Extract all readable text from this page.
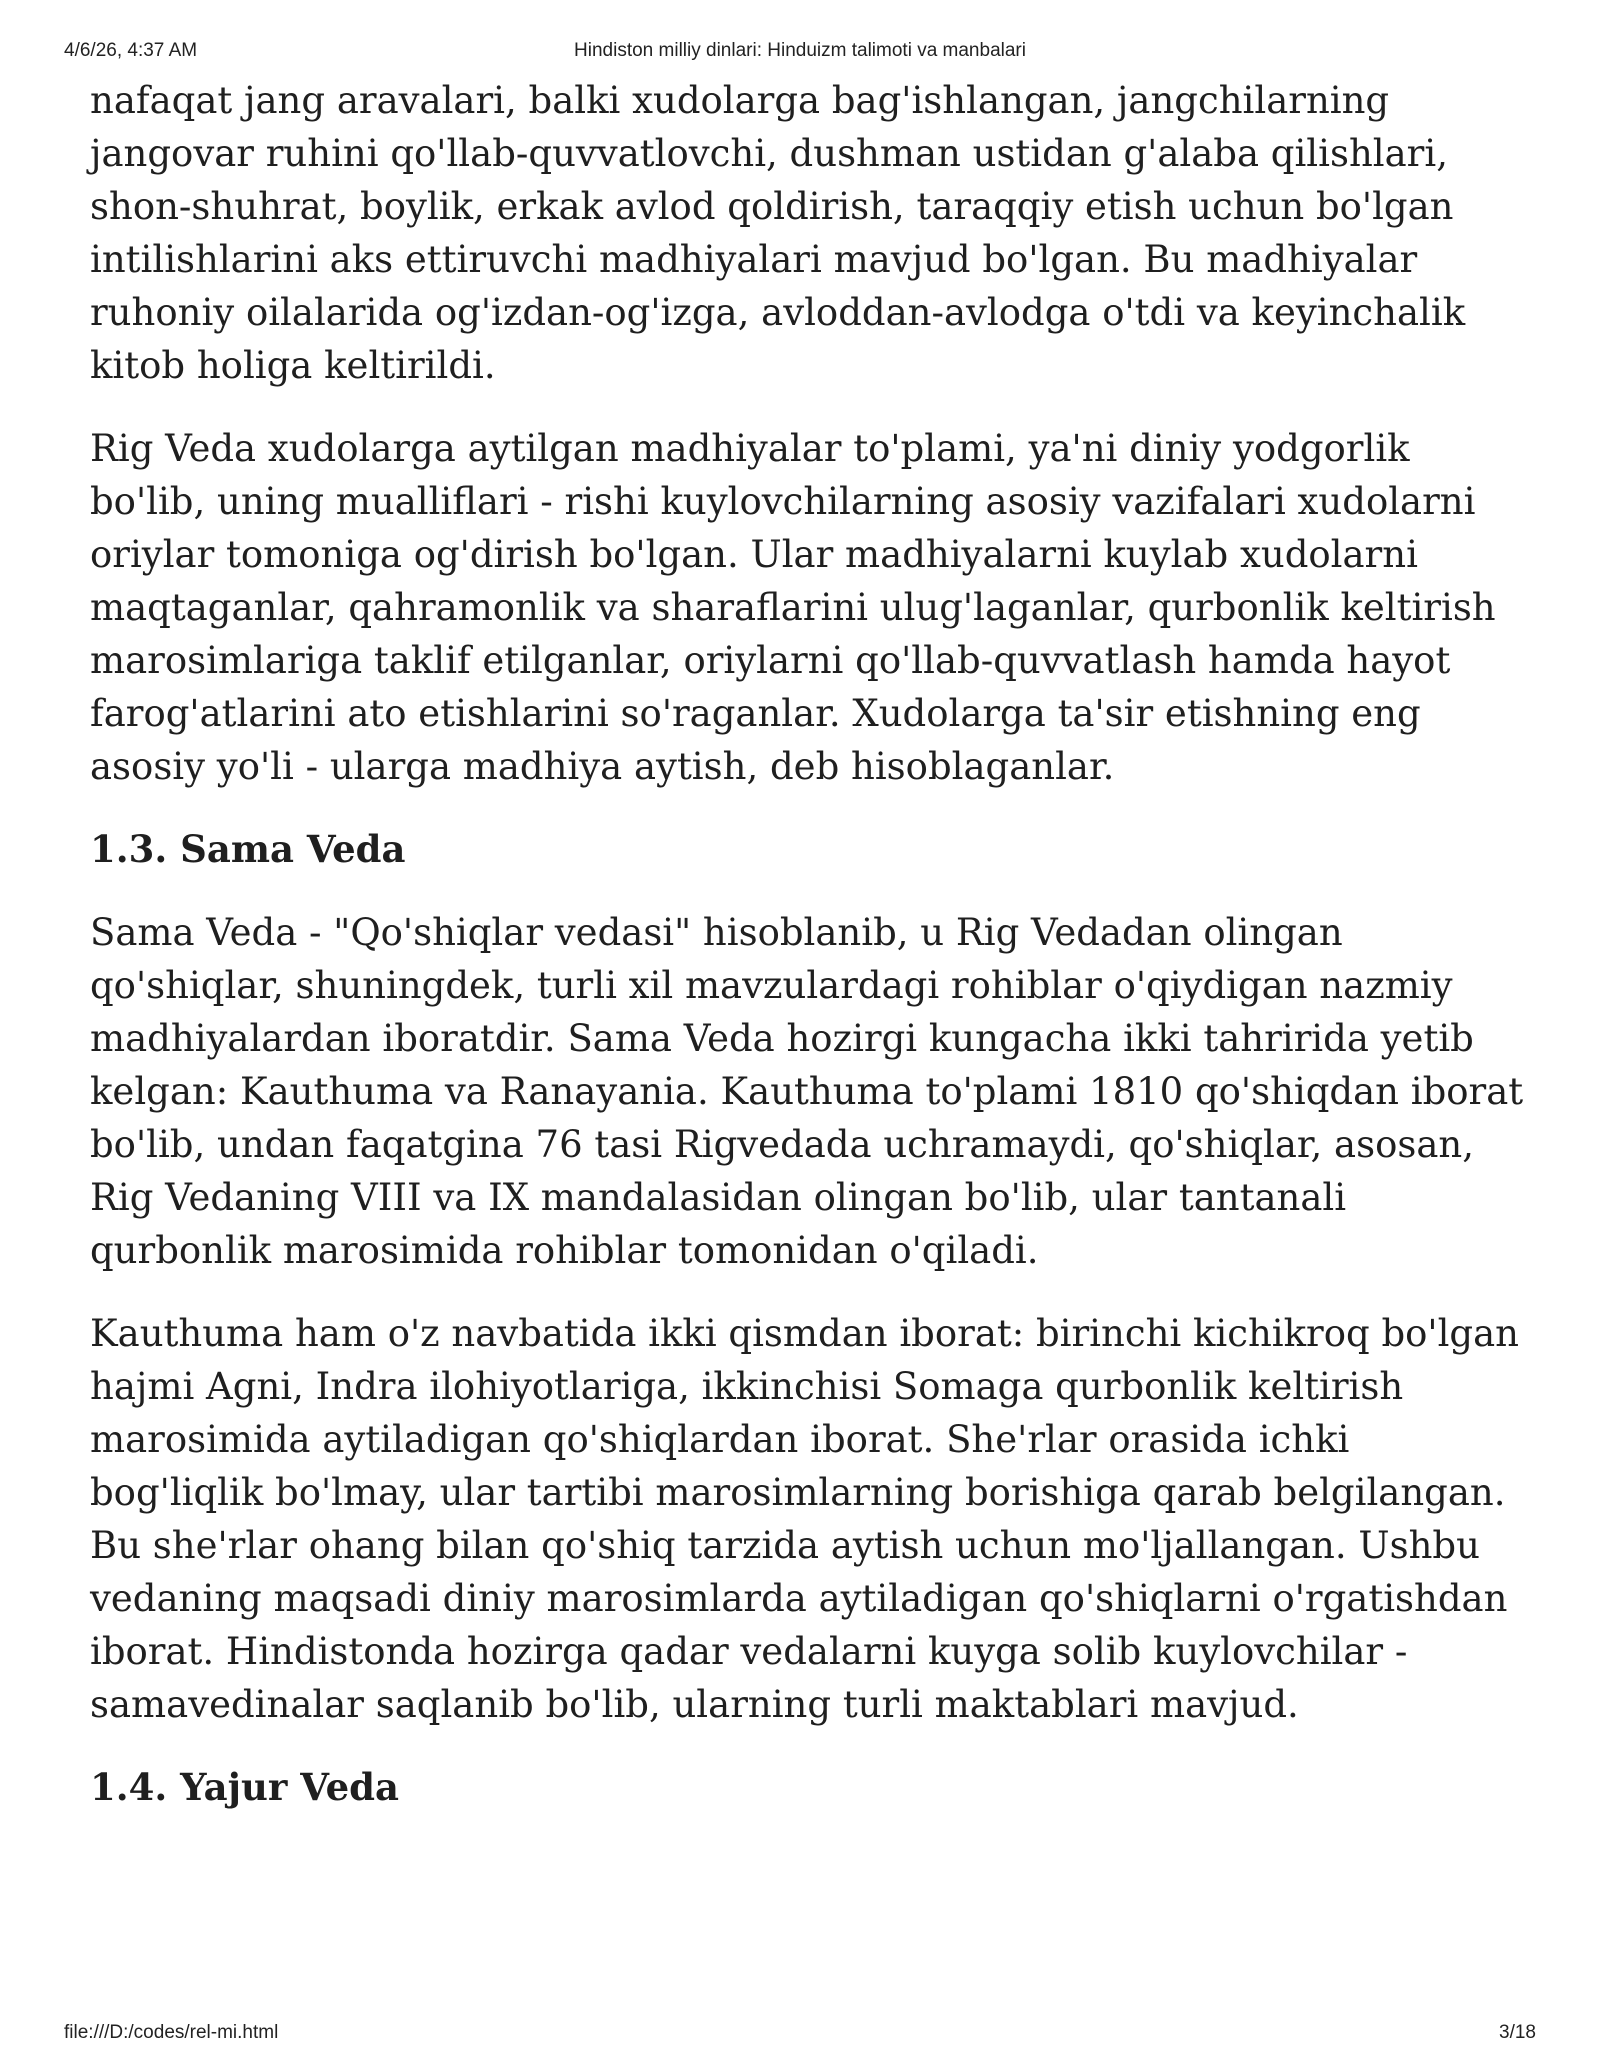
4/6/26, 4:37 AM	Hindiston milliy dinlari: Hinduizm talimoti va manbalari

nafaqat jang aravalari, balki xudolarga bag'ishlangan, jangchilarning jangovar ruhini qo'llab-quvvatlovchi, dushman ustidan g'alaba qilishlari, shon-shuhrat, boylik, erkak avlod qoldirish, taraqqiy etish uchun bo'lgan intilishlarini aks ettiruvchi madhiyalari mavjud bo'lgan. Bu madhiyalar ruhoniy oilalarida og'izdan-og'izga, avloddan-avlodga o'tdi va keyinchalik kitob holiga keltirildi.

Rig Veda xudolarga aytilgan madhiyalar to'plami, ya'ni diniy yodgorlik bo'lib, uning mualliflari - rishi kuylovchilarning asosiy vazifalari xudolarni oriylar tomoniga og'dirish bo'lgan. Ular madhiyalarni kuylab xudolarni maqtaganlar, qahramonlik va sharaflarini ulug'laganlar, qurbonlik keltirish marosimlariga taklif etilganlar, oriylarni qo'llab-quvvatlash hamda hayot farog'atlarini ato etishlarini so'raganlar. Xudolarga ta'sir etishning eng asosiy yo'li - ularga madhiya aytish, deb hisoblaganlar.

1.3. Sama Veda

Sama Veda - "Qo'shiqlar vedasi" hisoblanib, u Rig Vedadan olingan qo'shiqlar, shuningdek, turli xil mavzulardagi rohiblar o'qiydigan nazmiy madhiyalardan iboratdir. Sama Veda hozirgi kungacha ikki tahririda yetib kelgan: Kauthuma va Ranayania. Kauthuma to'plami 1810 qo'shiqdan iborat bo'lib, undan faqatgina 76 tasi Rigvedada uchramaydi, qo'shiqlar, asosan, Rig Vedaning VIII va IX mandalasidan olingan bo'lib, ular tantanali qurbonlik marosimida rohiblar tomonidan o'qiladi.

Kauthuma ham o'z navbatida ikki qismdan iborat: birinchi kichikroq bo'lgan hajmi Agni, Indra ilohiyotlariga, ikkinchisi Somaga qurbonlik keltirish marosimida aytiladigan qo'shiqlardan iborat. She'rlar orasida ichki bog'liqlik bo'lmay, ular tartibi marosimlarning borishiga qarab belgilangan. Bu she'rlar ohang bilan qo'shiq tarzida aytish uchun mo'ljallangan. Ushbu vedaning maqsadi diniy marosimlarda aytiladigan qo'shiqlarni o'rgatishdan iborat. Hindistonda hozirga qadar vedalarni kuyga solib kuylovchilar - samavedinalar saqlanib bo'lib, ularning turli maktablari mavjud.

1.4. Yajur Veda
file:///D:/codes/rel-mi.html	3/18
